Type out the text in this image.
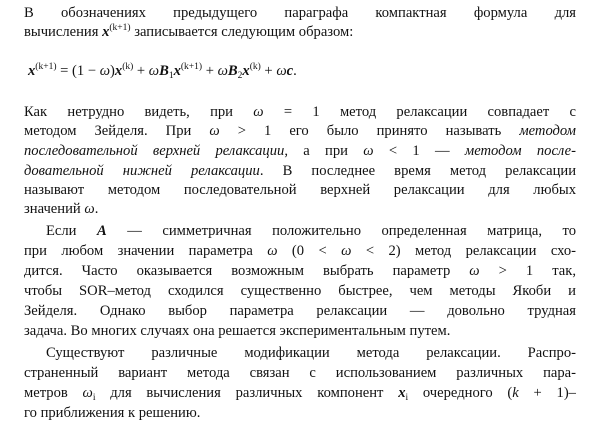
В обозначениях предыдущего параграфа компактная формула для
вычисления $x^{(k+1)}$ записывается следующим образом:
$x^{(k+1)} = (1 - \omega)x^{(k)} + \omega B_1x^{(k+1)} + \omega B_2x^{(k)} + \omega c$.
Как нетрудно видеть, при ω = 1 метод релаксации совпадает с
методом Зейделя. При ω > 1 его было принято называть методом
последовательной верхней релаксации, а при ω < 1 — методом после-
довательной нижней релаксации. В последнее время метод релаксации
называют методом последовательной верхней релаксации для любых
значений ω.
Если A — симметричная положительно определенная матрица, то
при любом значении параметра ω (0 < ω < 2) метод релаксации схо-
дится. Часто оказывается возможным выбрать параметр ω > 1 так,
чтобы SOR–метод сходился существенно быстрее, чем методы Якоби и
Зейделя. Однако выбор параметра релаксации — довольно трудная
задача. Во многих случаях она решается экспериментальным путем.
Существуют различные модификации метода релаксации. Распро-
страненный вариант метода связан с использованием различных пара-
метров $\omega_i$ для вычисления различных компонент $x_i$ очередного (k + 1)–
го приближения к решению.
